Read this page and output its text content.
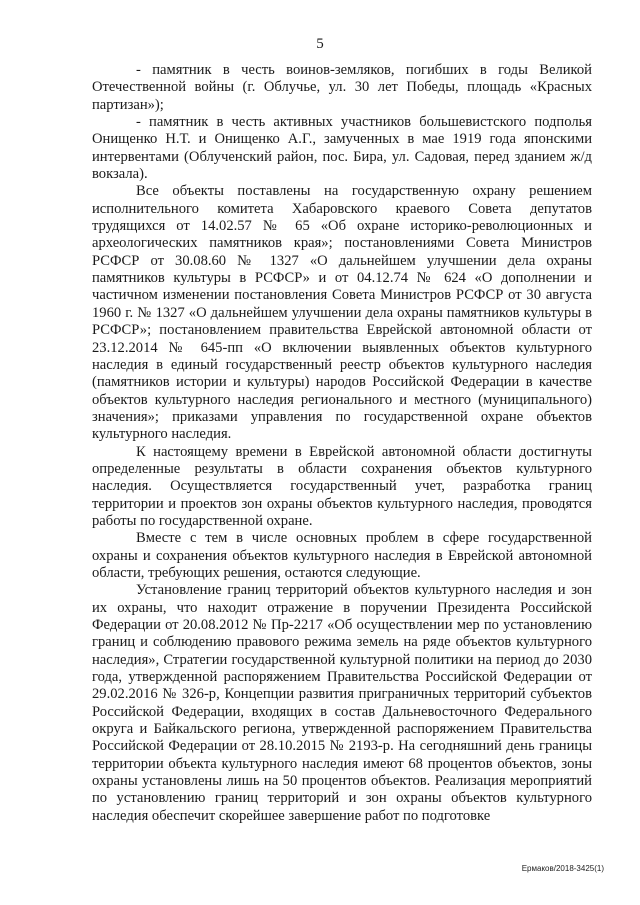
5

- памятник в честь воинов-земляков, погибших в годы Великой Отечественной войны (г. Облучье, ул. 30 лет Победы, площадь «Красных партизан»);

- памятник в честь активных участников большевистского подполья Онищенко Н.Т. и Онищенко А.Г., замученных в мае 1919 года японскими интервентами (Облученский район, пос. Бира, ул. Садовая, перед зданием ж/д вокзала).

Все объекты поставлены на государственную охрану решением исполнительного комитета Хабаровского краевого Совета депутатов трудящихся от 14.02.57 № 65 «Об охране историко-революционных и археологических памятников края»; постановлениями Совета Министров РСФСР от 30.08.60 № 1327 «О дальнейшем улучшении дела охраны памятников культуры в РСФСР» и от 04.12.74 № 624 «О дополнении и частичном изменении постановления Совета Министров РСФСР от 30 августа 1960 г. № 1327 «О дальнейшем улучшении дела охраны памятников культуры в РСФСР»; постановлением правительства Еврейской автономной области от 23.12.2014 № 645-пп «О включении выявленных объектов культурного наследия в единый государственный реестр объектов культурного наследия (памятников истории и культуры) народов Российской Федерации в качестве объектов культурного наследия регионального и местного (муниципального) значения»; приказами управления по государственной охране объектов культурного наследия.

К настоящему времени в Еврейской автономной области достигнуты определенные результаты в области сохранения объектов культурного наследия. Осуществляется государственный учет, разработка границ территории и проектов зон охраны объектов культурного наследия, проводятся работы по государственной охране.

Вместе с тем в числе основных проблем в сфере государственной охраны и сохранения объектов культурного наследия в Еврейской автономной области, требующих решения, остаются следующие.

Установление границ территорий объектов культурного наследия и зон их охраны, что находит отражение в поручении Президента Российской Федерации от 20.08.2012 № Пр-2217 «Об осуществлении мер по установлению границ и соблюдению правового режима земель на ряде объектов культурного наследия», Стратегии государственной культурной политики на период до 2030 года, утвержденной распоряжением Правительства Российской Федерации от 29.02.2016 № 326-р, Концепции развития приграничных территорий субъектов Российской Федерации, входящих в состав Дальневосточного Федерального округа и Байкальского региона, утвержденной распоряжением Правительства Российской Федерации от 28.10.2015 № 2193-р. На сегодняшний день границы территории объекта культурного наследия имеют 68 процентов объектов, зоны охраны установлены лишь на 50 процентов объектов. Реализация мероприятий по установлению границ территорий и зон охраны объектов культурного наследия обеспечит скорейшее завершение работ по подготовке

Ермаков/2018-3425(1)
